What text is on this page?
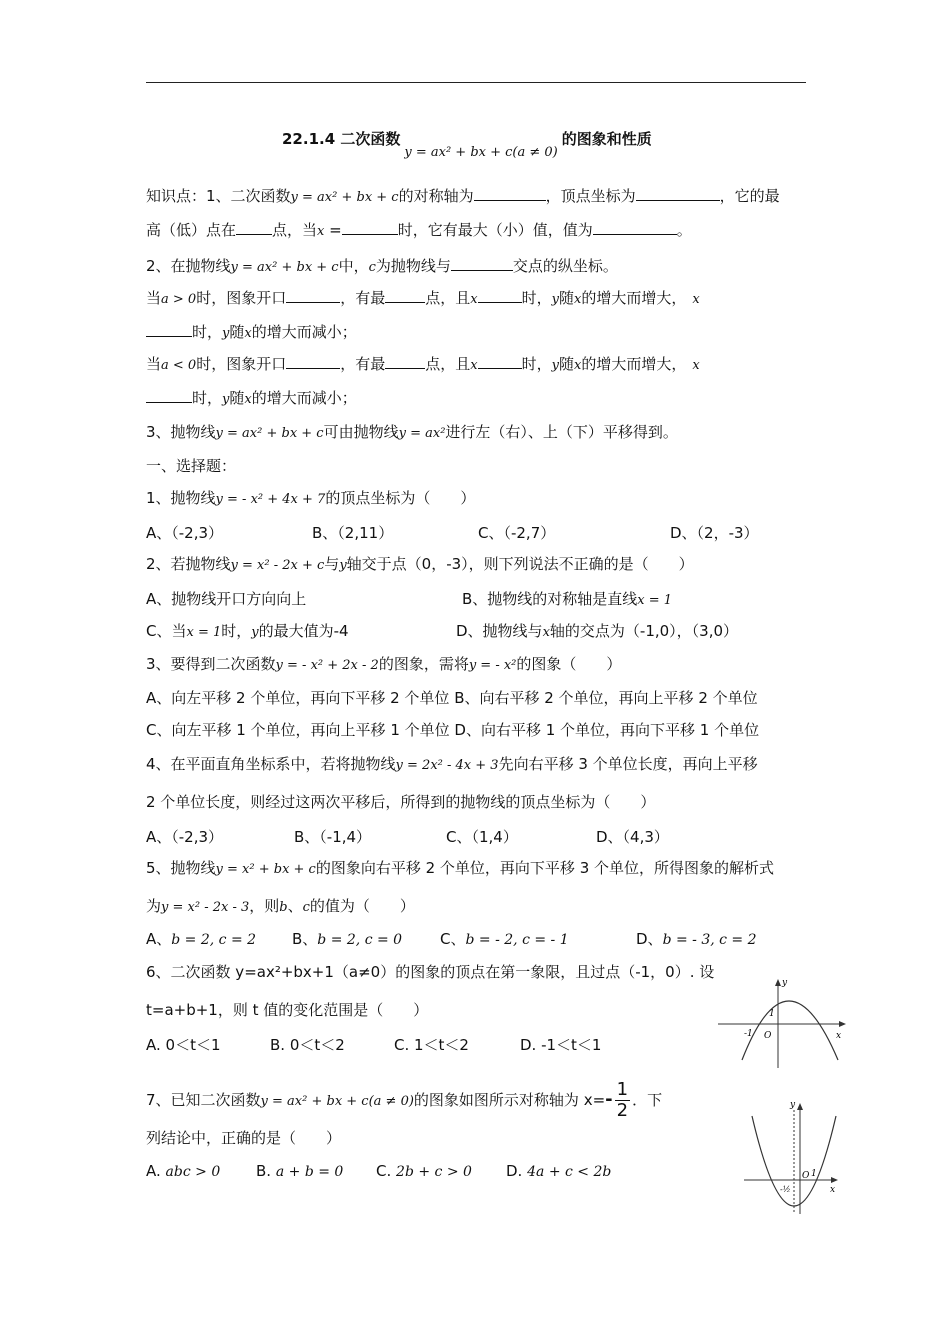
22.1.4 二次函数y = ax² + bx + c(a ≠ 0)的图象和性质
知识点：1、二次函数y = ax² + bx + c的对称轴为	，顶点坐标为	，它的最
高（低）点在 点，当x =	时，它有最大（小）值，值为	。
2、在抛物线y = ax² + bx + c中，c为抛物线与	交点的纵坐标。
当a > 0时，图象开口	，有最	点，且x	时，y随x的增大而增大， x
时，y随x的增大而减小；
当a < 0时，图象开口	，有最	点，且x	时，y随x的增大而增大， x
时，y随x的增大而减小；
3、抛物线y = ax² + bx + c可由抛物线y = ax²进行左（右）、上（下）平移得到。
一、选择题：
1、抛物线y = - x² + 4x + 7的顶点坐标为（　　）
A、（-2,3）	B、（2,11）	C、（-2,7）	D、（2，-3）
2、若抛物线y = x² - 2x + c与y轴交于点（0，-3），则下列说法不正确的是（　　）
A、抛物线开口方向向上	B、抛物线的对称轴是直线x = 1
C、当x = 1时，y的最大值为-4	D、抛物线与x轴的交点为（-1,0），（3,0）
3、要得到二次函数y = - x² + 2x - 2的图象，需将y = - x²的图象（　　）
A、向左平移 2 个单位，再向下平移 2 个单位 B、向右平移 2 个单位，再向上平移 2 个单位
C、向左平移 1 个单位，再向上平移 1 个单位 D、向右平移 1 个单位，再向下平移 1 个单位
4、在平面直角坐标系中，若将抛物线y = 2x² - 4x + 3先向右平移 3 个单位长度，再向上平移
2 个单位长度，则经过这两次平移后，所得到的抛物线的顶点坐标为（　　）
A、（-2,3）	B、（-1,4）	C、（1,4）	D、（4,3）
5、抛物线y = x² + bx + c的图象向右平移 2 个单位，再向下平移 3 个单位，所得图象的解析式
为y = x² - 2x - 3，则b、c的值为（　　）
A、b = 2, c = 2 B、b = 2, c = 0	C、b = - 2, c = - 1	D、b = - 3, c = 2
6、二次函数 y=ax²+bx+1（a≠0）的图象的顶点在第一象限，且过点（-1，0）. 设
t=a+b+1，则 t 值的变化范围是（　　）
A. 0＜t＜1	B. 0＜t＜2	C. 1＜t＜2	D. -1＜t＜1
y
x
O
1
-1
7、已知二次函数y = ax² + bx + c(a ≠ 0)的图象如图所示对称轴为 $x=- \frac{1}{2}$ ．下
列结论中，正确的是（　　）
A. abc > 0 B. a + b = 0 C. 2b + c > 0 D. 4a + c < 2b
y
x
O 1
-½
